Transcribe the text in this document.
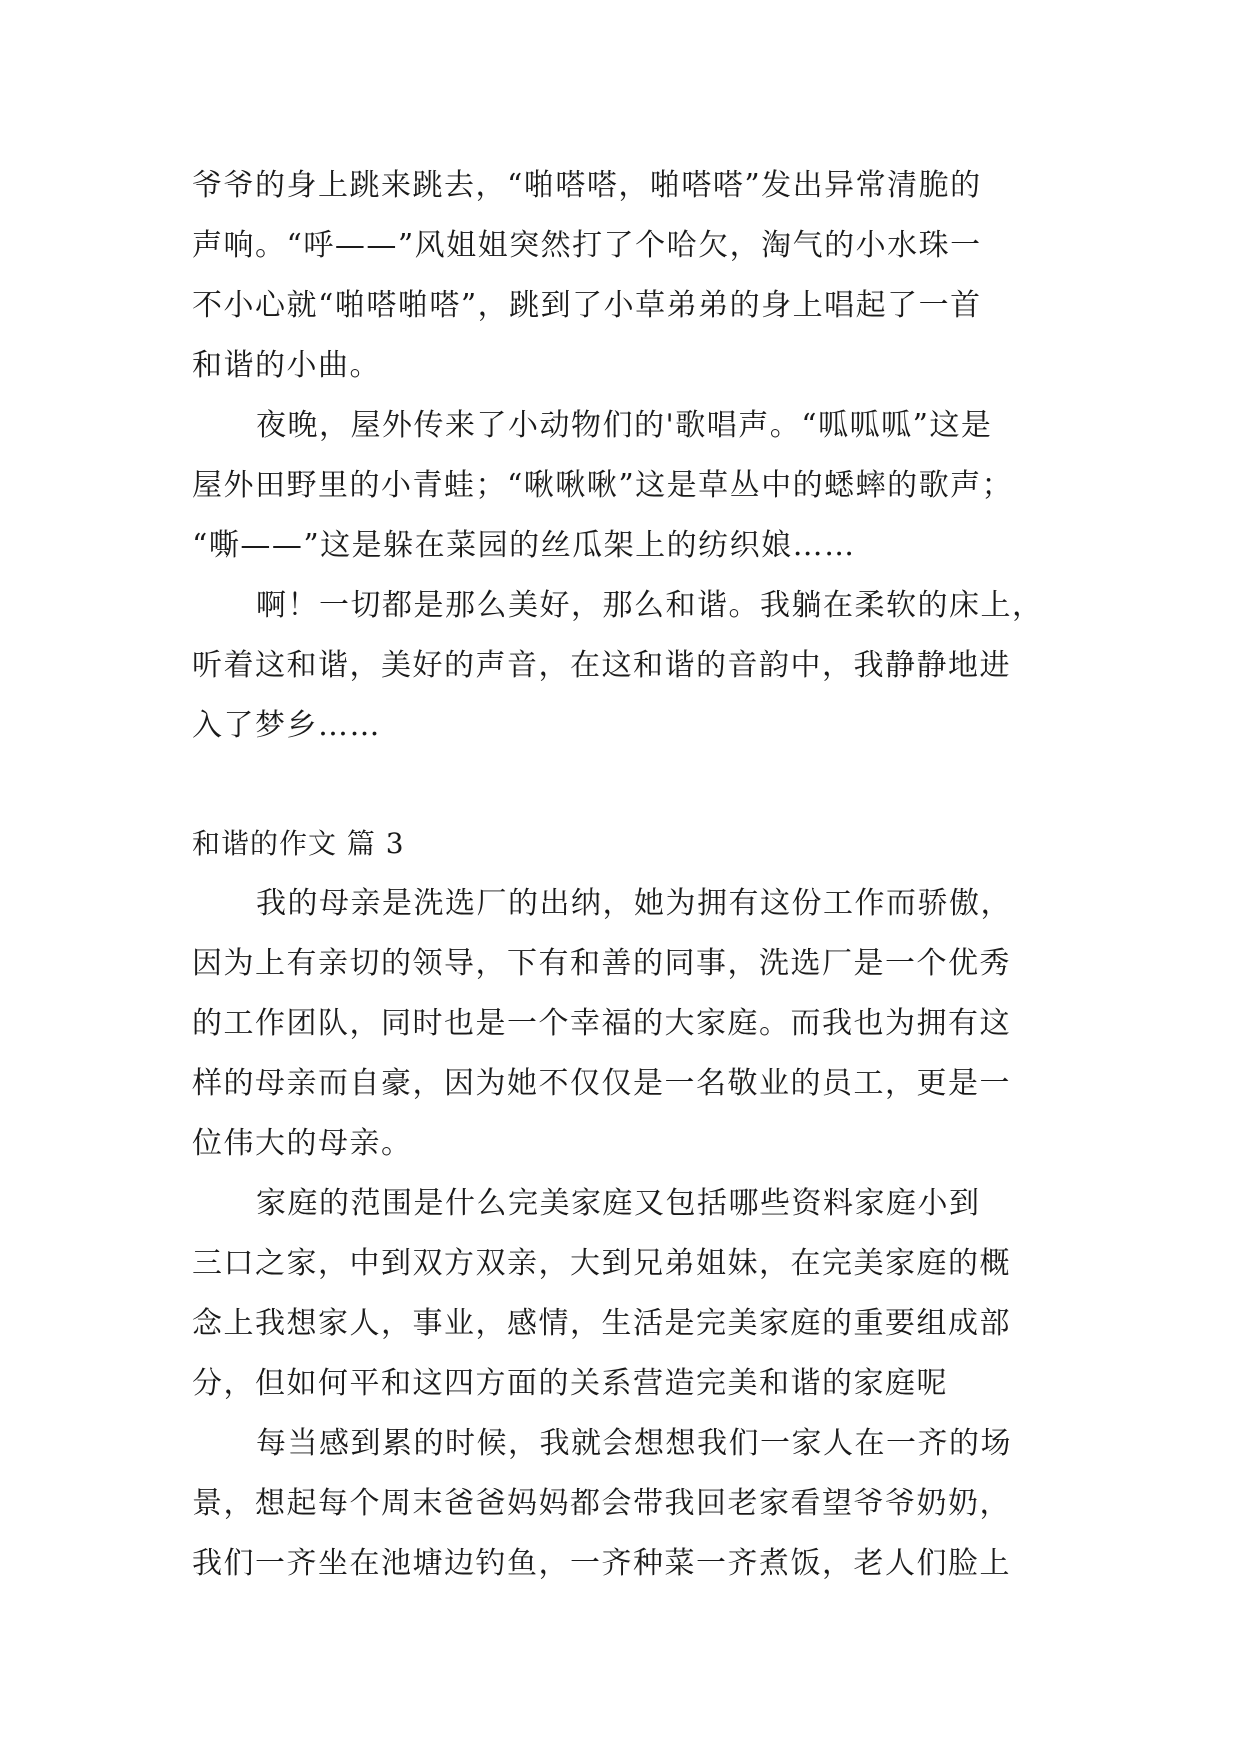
爷爷的身上跳来跳去，“啪嗒嗒，啪嗒嗒”发出异常清脆的
声响。“呼——”风姐姐突然打了个哈欠，淘气的小水珠一
不小心就“啪嗒啪嗒”，跳到了小草弟弟的身上唱起了一首
和谐的小曲。
夜晚，屋外传来了小动物们的'歌唱声。“呱呱呱”这是
屋外田野里的小青蛙；“啾啾啾”这是草丛中的蟋蟀的歌声；
“嘶——”这是躲在菜园的丝瓜架上的纺织娘……
啊！一切都是那么美好，那么和谐。我躺在柔软的床上，
听着这和谐，美好的声音，在这和谐的音韵中，我静静地进
入了梦乡……
和谐的作文 篇 3
我的母亲是洗选厂的出纳，她为拥有这份工作而骄傲，
因为上有亲切的领导，下有和善的同事，洗选厂是一个优秀
的工作团队，同时也是一个幸福的大家庭。而我也为拥有这
样的母亲而自豪，因为她不仅仅是一名敬业的员工，更是一
位伟大的母亲。
家庭的范围是什么完美家庭又包括哪些资料家庭小到
三口之家，中到双方双亲，大到兄弟姐妹，在完美家庭的概
念上我想家人，事业，感情，生活是完美家庭的重要组成部
分，但如何平和这四方面的关系营造完美和谐的家庭呢
每当感到累的时候，我就会想想我们一家人在一齐的场
景，想起每个周末爸爸妈妈都会带我回老家看望爷爷奶奶，
我们一齐坐在池塘边钓鱼，一齐种菜一齐煮饭，老人们脸上
